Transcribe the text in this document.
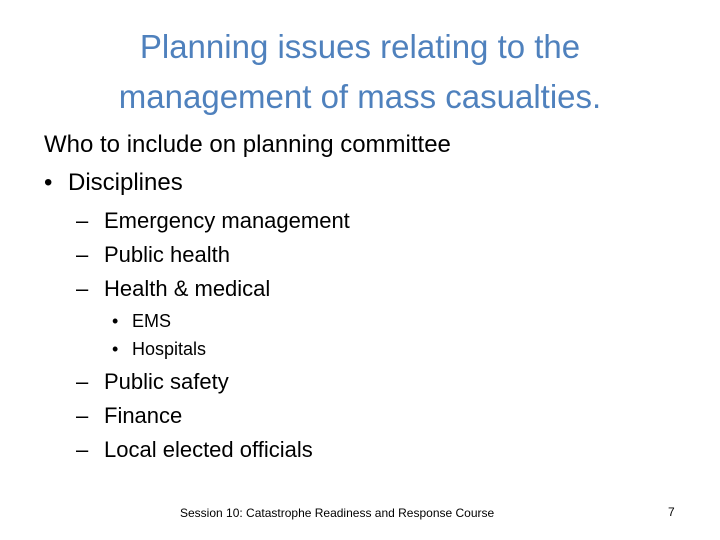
Planning issues relating to the
management of mass casualties.
Who to include on planning committee
• Disciplines
– Emergency management
– Public health
– Health & medical
• EMS
• Hospitals
– Public safety
– Finance
– Local elected officials
Session 10: Catastrophe Readiness and Response Course	7
